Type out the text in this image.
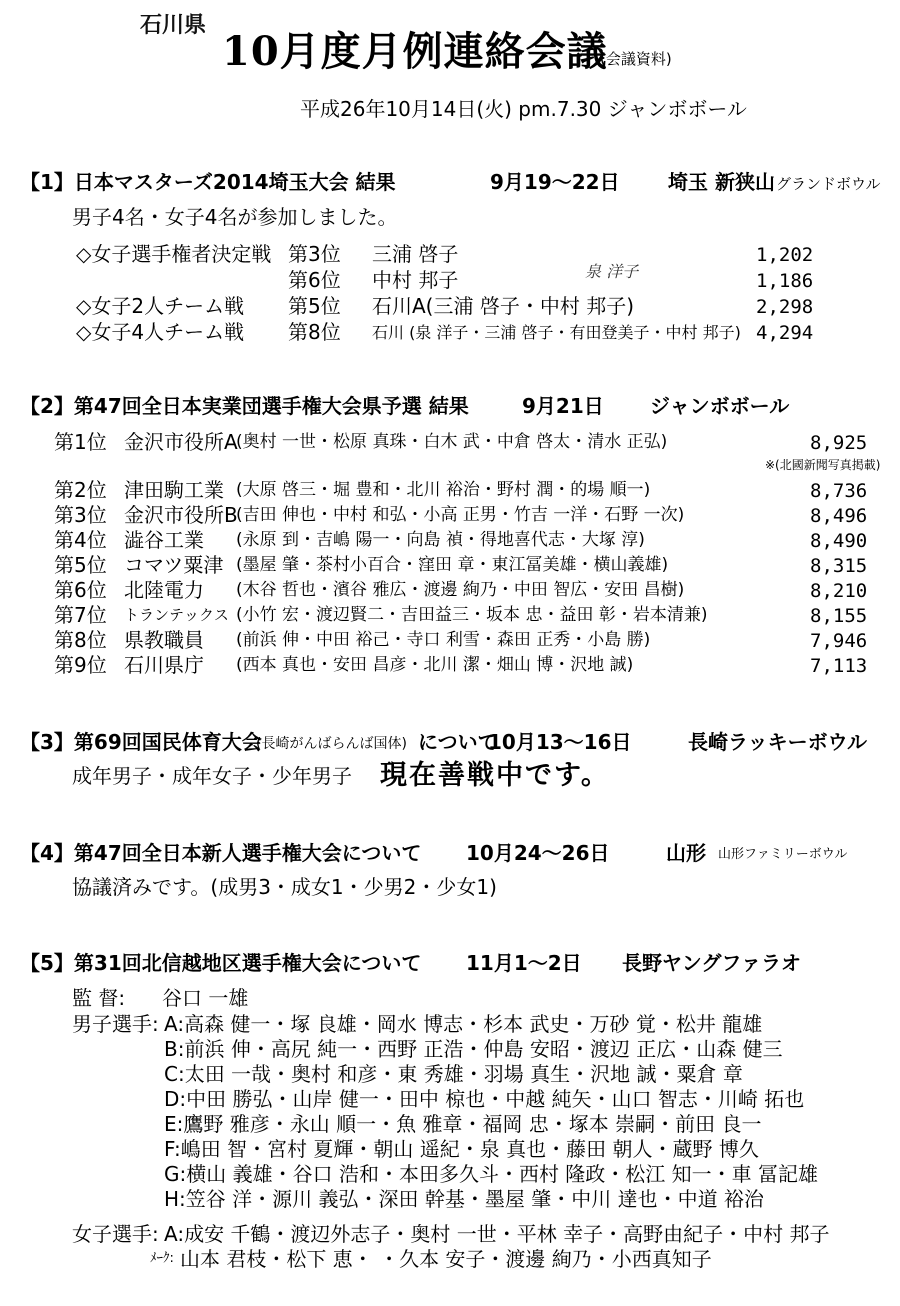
石川県
10月度月例連絡会議
(会議資料)
平成26年10月14日(火) pm.7.30 ジャンボボール
【1】日本マスターズ2014埼玉大会 結果	9月19～22日 埼玉 新狭山 グランドボウル
男子4名・女子4名が参加しました。
◇女子選手権者決定戦 第3位 三浦 啓子	1,202
第6位 中村 邦子	泉 洋子	1,186
◇女子2人チーム戦 第5位 石川A(三浦 啓子・中村 邦子)	2,298
◇女子4人チーム戦 第8位 石川 (泉 洋子・三浦 啓子・有田登美子・中村 邦子) 4,294
【2】第47回全日本実業団選手権大会県予選 結果	9月21日 ジャンボボール
第1位 金沢市役所A
(奥村 一世・松原 真珠・白木 武・中倉 啓太・清水 正弘)	8,925
※(北國新聞写真掲載)
第2位 津田駒工業 (大原 啓三・堀 豊和・北川 裕治・野村 潤・的場 順一)	8,736
第3位 金沢市役所B
(吉田 伸也・中村 和弘・小高 正男・竹吉 一洋・石野 一次)	8,496
第4位 澁谷工業 (永原 到・吉嶋 陽一・向島 禎・得地喜代志・大塚 淳)	8,490
第5位 コマツ粟津 (墨屋 肇・茶村小百合・窪田 章・東江冨美雄・横山義雄)	8,315
第6位 北陸電力 (木谷 哲也・濱谷 雅広・渡邊 絢乃・中田 智広・安田 昌樹)	8,210
第7位 トランテックス (小竹 宏・渡辺賢二・吉田益三・坂本 忠・益田 彰・岩本清兼)	8,155
第8位 県教職員 (前浜 伸・中田 裕己・寺口 利雪・森田 正秀・小島 勝)	7,946
第9位 石川県庁 (西本 真也・安田 昌彦・北川 潔・畑山 博・沢地 誠)	7,113
【3】第69回国民体育大会
(長崎がんばらんば国体) について
10月13～16日	長崎ラッキーボウル
成年男子・成年女子・少年男子 現在善戦中です。
【4】第47回全日本新人選手権大会について 10月24～26日	山形 山形ファミリーボウル
協議済みです。(成男3・成女1・少男2・少女1)
【5】第31回北信越地区選手権大会について 11月1～2日 長野ヤングファラオ
監 督: 谷口 一雄
男子選手: A:高森 健一・塚 良雄・岡水 博志・杉本 武史・万砂 覚・松井 龍雄
B:前浜 伸・高尻 純一・西野 正浩・仲島 安昭・渡辺 正広・山森 健三
C:太田 一哉・奥村 和彦・東 秀雄・羽場 真生・沢地 誠・粟倉 章
D:中田 勝弘・山岸 健一・田中 椋也・中越 純矢・山口 智志・川崎 拓也
E:鷹野 雅彦・永山 順一・魚 雅章・福岡 忠・塚本 崇嗣・前田 良一
F:嶋田 智・宮村 夏輝・朝山 遥紀・泉 真也・藤田 朝人・蔵野 博久
G:横山 義雄・谷口 浩和・本田多久斗・西村 隆政・松江 知一・車 冨記雄
H:笠谷 洋・源川 義弘・深田 幹基・墨屋 肇・中川 達也・中道 裕治
女子選手: A:成安 千鶴・渡辺外志子・奥村 一世・平林 幸子・高野由紀子・中村 邦子
ﾒｰｸ: 山本 君枝・松下 恵・ ・久本 安子・渡邊 絢乃・小西真知子
